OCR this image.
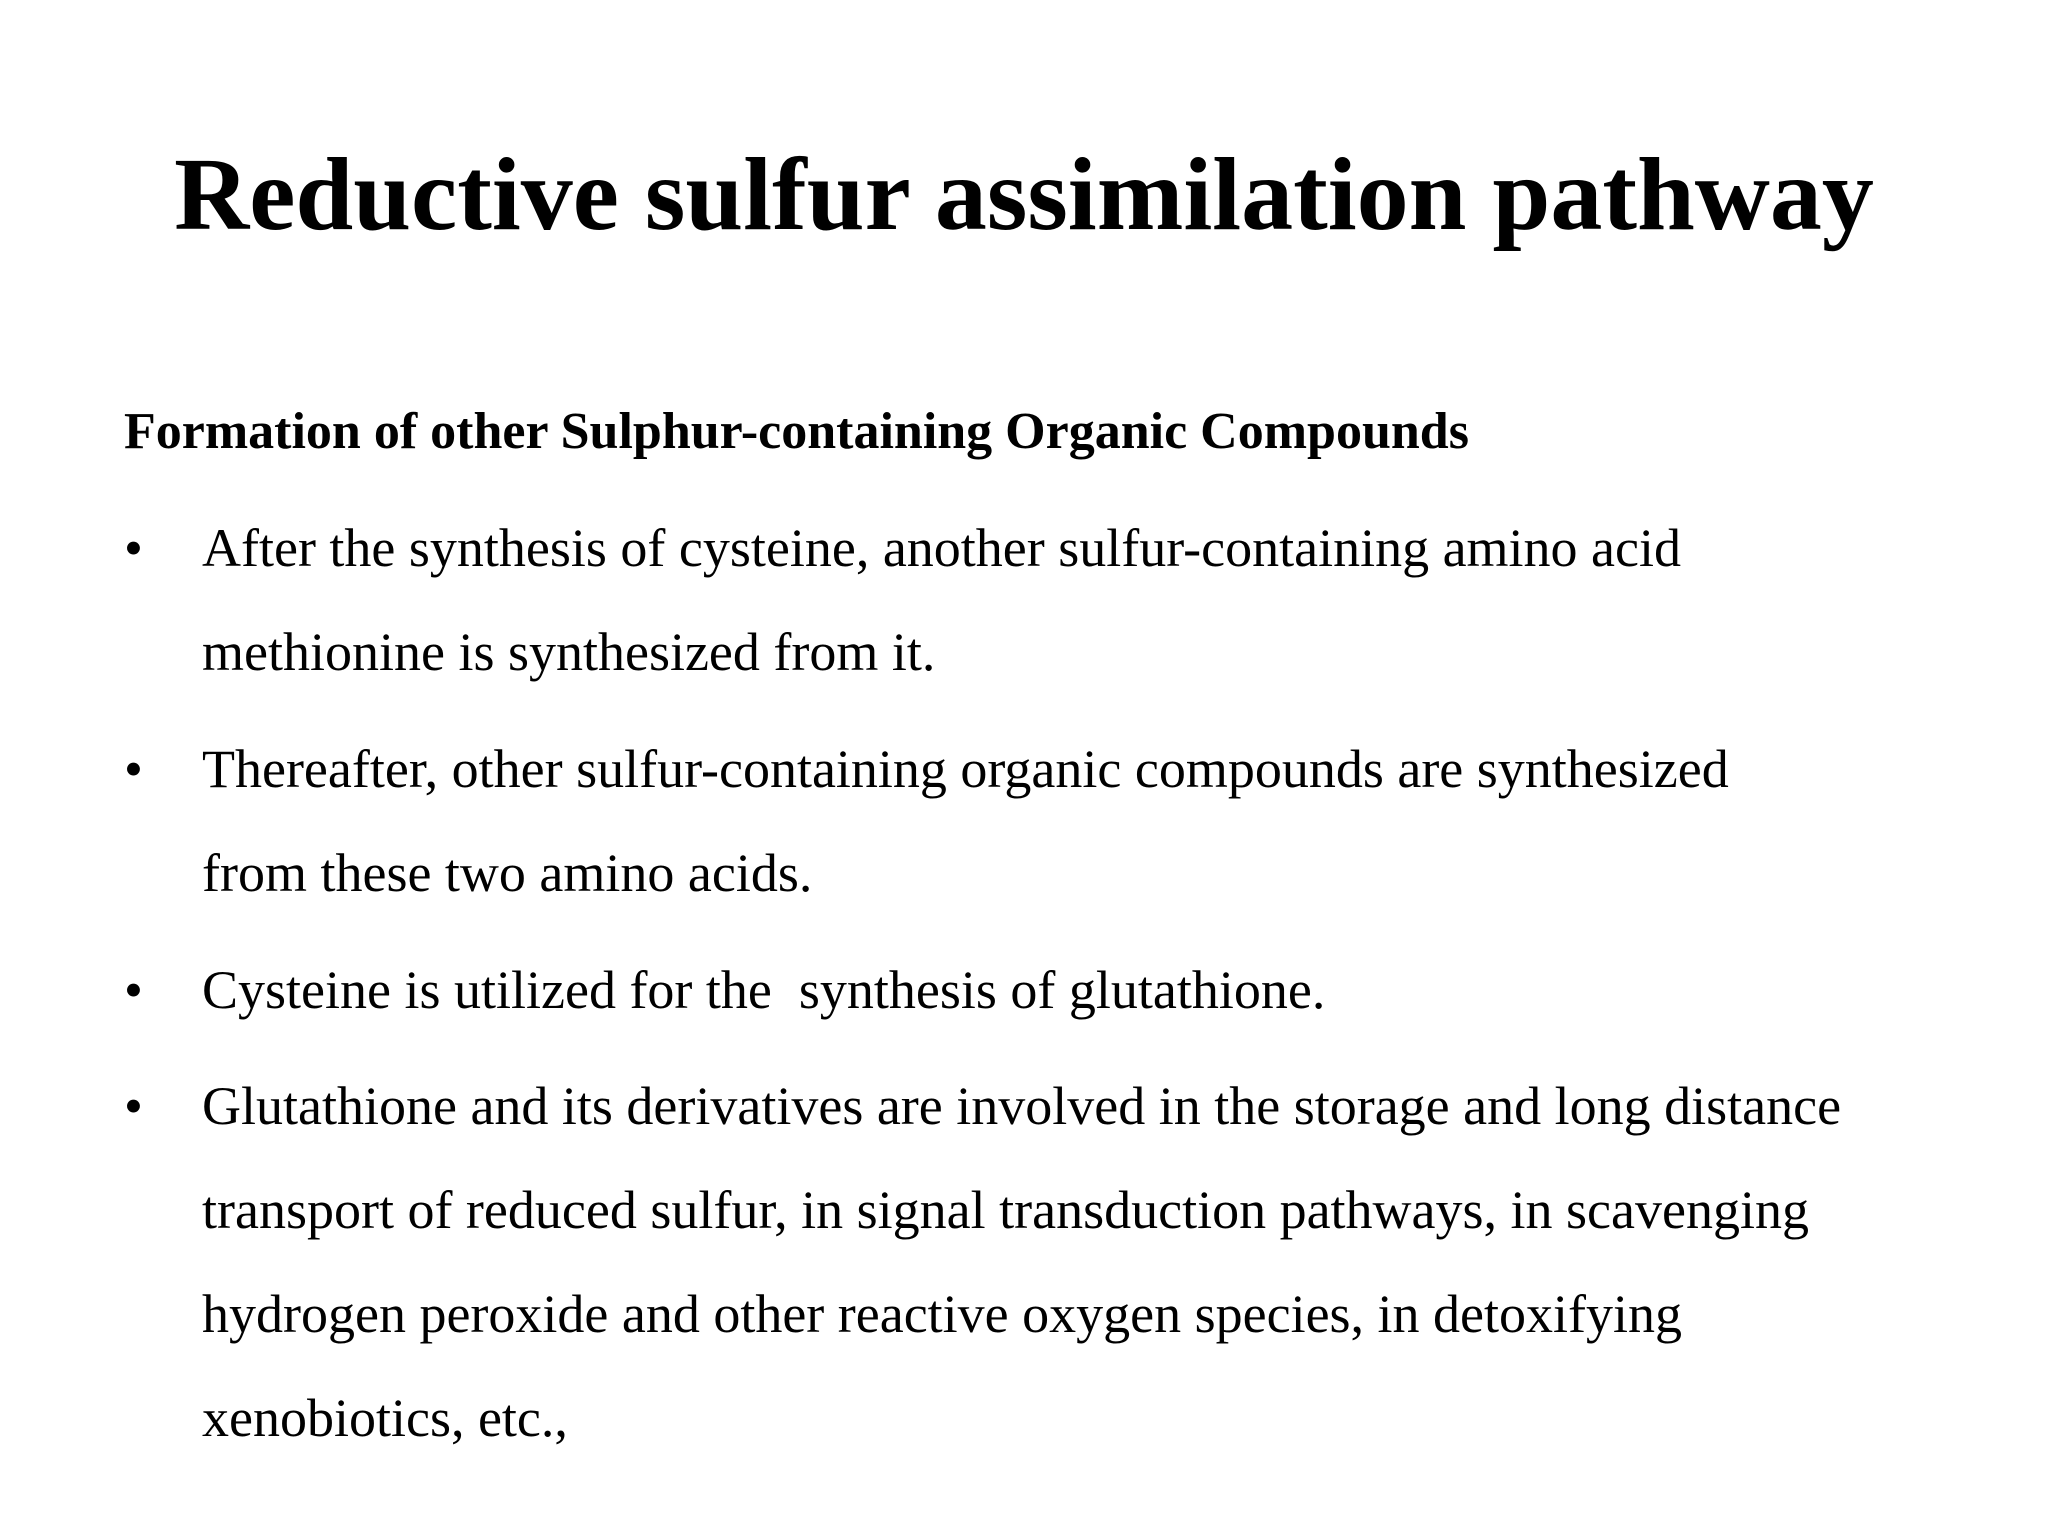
Reductive sulfur assimilation pathway
Formation of other Sulphur-containing Organic Compounds
• After the synthesis of cysteine, another sulfur-containing amino acid
methionine is synthesized from it.
• Thereafter, other sulfur-containing organic compounds are synthesized
from these two amino acids.
• Cysteine is utilized for the  synthesis of glutathione.
• Glutathione and its derivatives are involved in the storage and long distance
transport of reduced sulfur, in signal transduction pathways, in scavenging
hydrogen peroxide and other reactive oxygen species, in detoxifying
xenobiotics, etc.,
